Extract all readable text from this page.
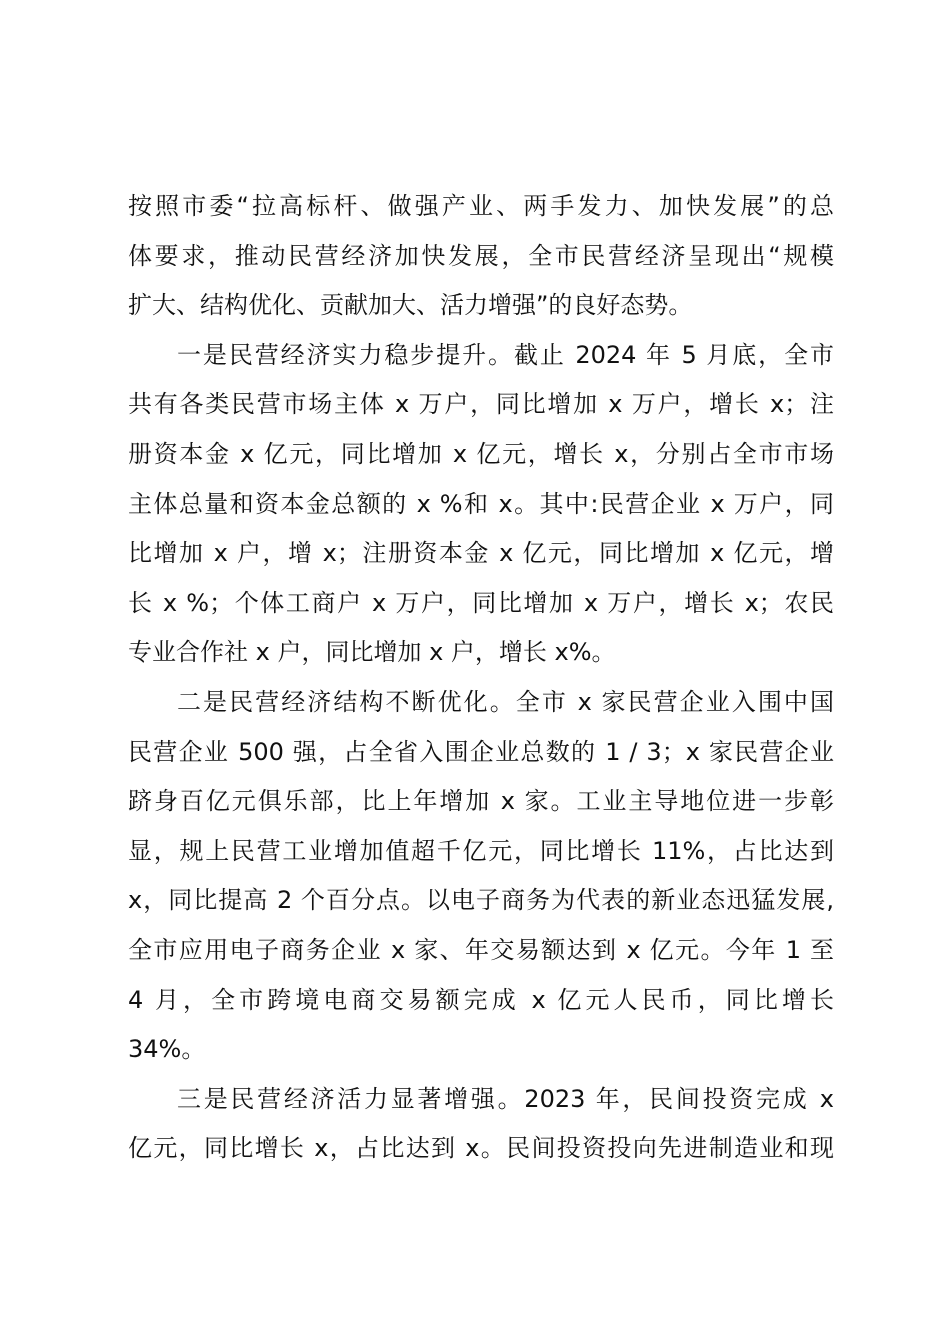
按照市委“拉高标杆、做强产业、两手发力、加快发展”的总
体要求，推动民营经济加快发展，全市民营经济呈现出“规模
扩大、结构优化、贡献加大、活力增强”的良好态势。
一是民营经济实力稳步提升。截止 2024 年 5 月底，全市
共有各类民营市场主体 x 万户，同比增加 x 万户，增长 x；注
册资本金 x 亿元，同比增加 x 亿元，增长 x，分别占全市市场
主体总量和资本金总额的 x %和 x。其中:民营企业 x 万户，同
比增加 x 户，增 x；注册资本金 x 亿元，同比增加 x 亿元，增
长 x %；个体工商户 x 万户，同比增加 x 万户，增长 x；农民
专业合作社 x 户，同比增加 x 户，增长 x%。
二是民营经济结构不断优化。全市 x 家民营企业入围中国
民营企业 500 强，占全省入围企业总数的 1 / 3；x 家民营企业
跻身百亿元俱乐部，比上年增加 x 家。工业主导地位进一步彰
显，规上民营工业增加值超千亿元，同比增长 11%，占比达到
x，同比提高 2 个百分点。以电子商务为代表的新业态迅猛发展,
全市应用电子商务企业 x 家、年交易额达到 x 亿元。今年 1 至
4 月，全市跨境电商交易额完成 x 亿元人民币，同比增长
34%。
三是民营经济活力显著增强。2023 年，民间投资完成 x
亿元，同比增长 x，占比达到 x。民间投资投向先进制造业和现
